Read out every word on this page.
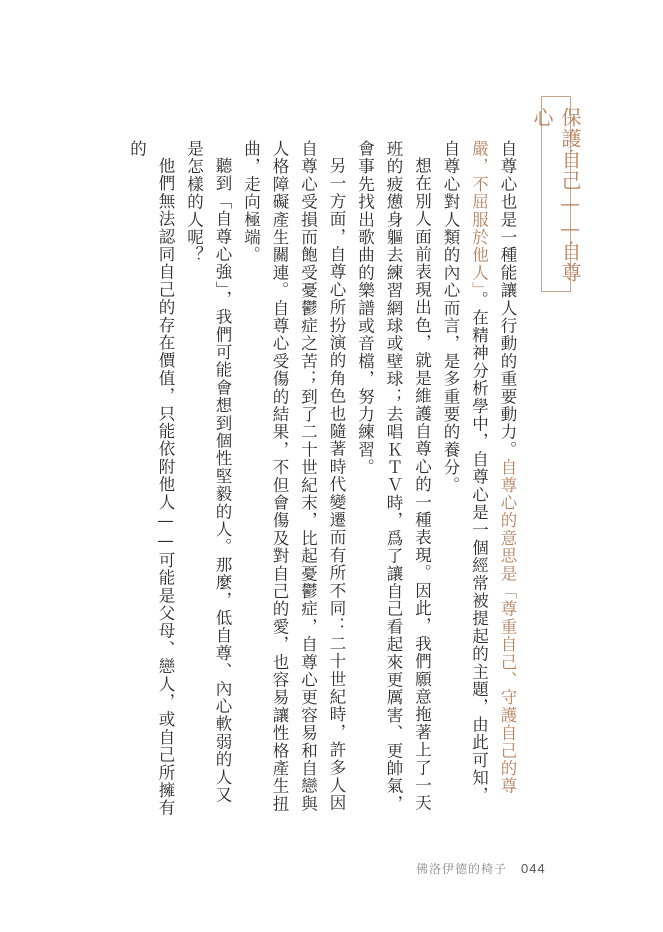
保護自己——自尊心

自尊心也是一種能讓人行動的重要動力。自尊心的意思是「尊重自己、守護自己的尊嚴，不屈服於他人」。在精神分析學中，自尊心是一個經常被提起的主題，由此可知，自尊心對人類的內心而言，是多重要的養分。

想在別人面前表現出色，就是維護自尊心的一種表現。因此，我們願意拖著上了一天班的疲憊身軀去練習網球或壁球；去唱ＫＴＶ時，爲了讓自己看起來更厲害、更帥氣，會事先找出歌曲的樂譜或音檔，努力練習。

另一方面，自尊心所扮演的角色也隨著時代變遷而有所不同：二十世紀時，許多人因自尊心受損而飽受憂鬱症之苦；到了二十世紀末，比起憂鬱症，自尊心更容易和自戀與人格障礙產生關連。自尊心受傷的結果，不但會傷及對自己的愛，也容易讓性格產生扭曲，走向極端。

聽到「自尊心強」，我們可能會想到個性堅毅的人。那麼，低自尊、內心軟弱的人又是怎樣的人呢？

他們無法認同自己的存在價值，只能依附他人——可能是父母、戀人，或自己所擁有的

佛洛伊德的椅子 044
